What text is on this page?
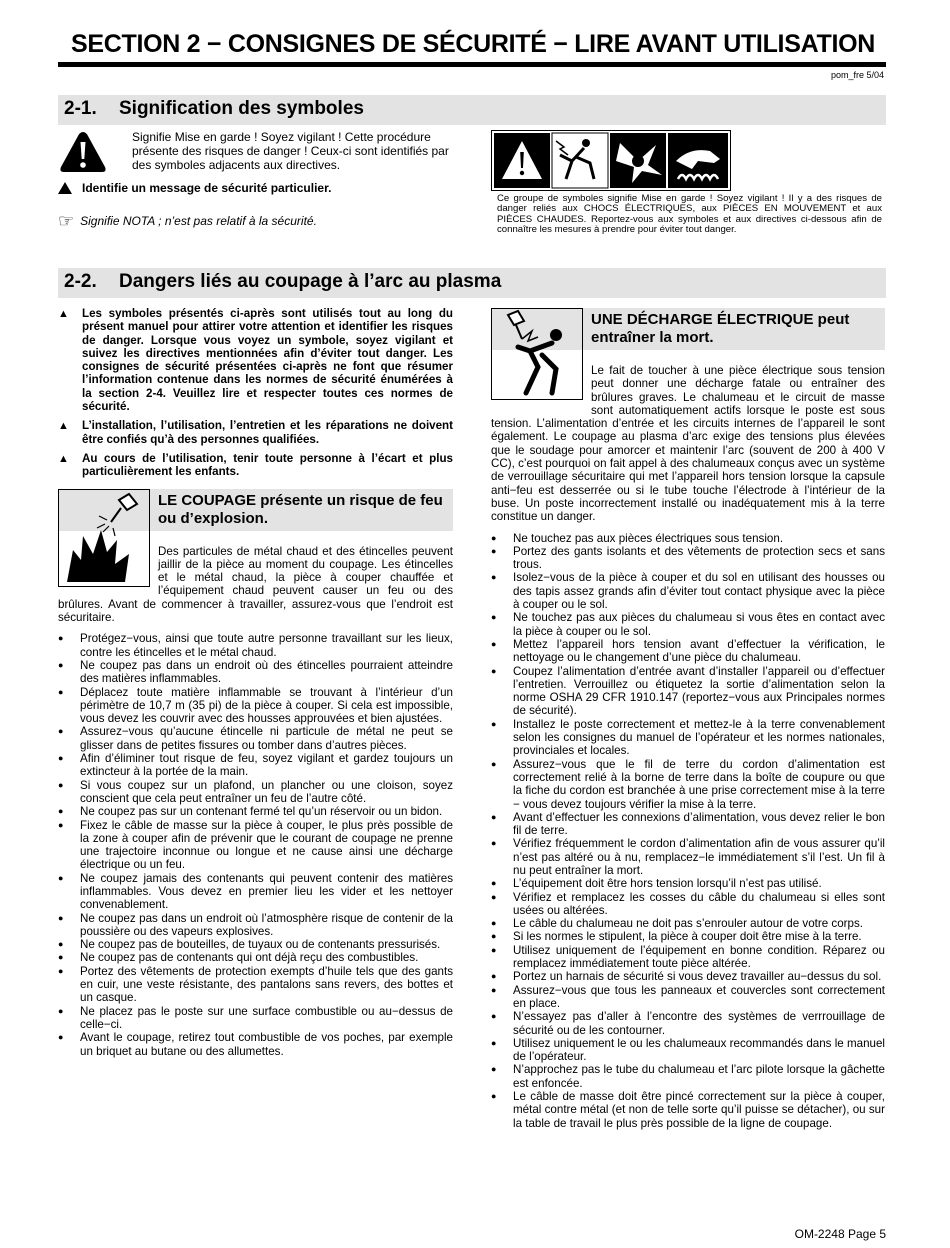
SECTION 2 − CONSIGNES DE SÉCURITÉ − LIRE AVANT UTILISATION
pom_fre 5/04
2-1. Signification des symboles
Signifie Mise en garde ! Soyez vigilant ! Cette procédure présente des risques de danger ! Ceux-ci sont identifiés par des symboles adjacents aux directives.
Identifie un message de sécurité particulier.
☞ Signifie NOTA ; n’est pas relatif à la sécurité.
Ce groupe de symboles signifie Mise en garde ! Soyez vigilant ! Il y a des risques de danger reliés aux CHOCS ÉLECTRIQUES, aux PIÈCES EN MOUVEMENT et aux PIÈCES CHAUDES. Reportez-vous aux symboles et aux directives ci-dessous afin de connaître les mesures à prendre pour éviter tout danger.
2-2. Dangers liés au coupage à l’arc au plasma
▲	Les symboles présentés ci-après sont utilisés tout au long du présent manuel pour attirer votre attention et identifier les risques de danger. Lorsque vous voyez un symbole, soyez vigilant et suivez les directives mentionnées afin d’éviter tout danger. Les consignes de sécurité présentées ci-après ne font que résumer l’information contenue dans les normes de sécurité énumérées à la section 2-4. Veuillez lire et respecter toutes ces normes de sécurité.
▲	L’installation, l’utilisation, l’entretien et les réparations ne doivent être confiés qu’à des personnes qualifiées.
▲	Au cours de l’utilisation, tenir toute personne à l’écart et plus particulièrement les enfants.
LE COUPAGE présente un risque de feu ou d’explosion.
Des particules de métal chaud et des étincelles peuvent jaillir de la pièce au moment du coupage. Les étincelles et le métal chaud, la pièce à couper chauffée et l’équipement chaud peuvent causer un feu ou des brûlures. Avant de commencer à travailler, assurez-vous que l’endroit est sécuritaire.
● Protégez−vous, ainsi que toute autre personne travaillant sur les lieux, contre les étincelles et le métal chaud.
● Ne coupez pas dans un endroit où des étincelles pourraient atteindre des matières inflammables.
● Déplacez toute matière inflammable se trouvant à l’intérieur d’un périmètre de 10,7 m (35 pi) de la pièce à couper. Si cela est impossible, vous devez les couvrir avec des housses approuvées et bien ajustées.
● Assurez−vous qu’aucune étincelle ni particule de métal ne peut se glisser dans de petites fissures ou tomber dans d’autres pièces.
● Afin d’éliminer tout risque de feu, soyez vigilant et gardez toujours un extincteur à la portée de la main.
● Si vous coupez sur un plafond, un plancher ou une cloison, soyez conscient que cela peut entraîner un feu de l’autre côté.
● Ne coupez pas sur un contenant fermé tel qu’un réservoir ou un bidon.
● Fixez le câble de masse sur la pièce à couper, le plus près possible de la zone à couper afin de prévenir que le courant de coupage ne prenne une trajectoire inconnue ou longue et ne cause ainsi une décharge électrique ou un feu.
● Ne coupez jamais des contenants qui peuvent contenir des matières inflammables. Vous devez en premier lieu les vider et les nettoyer convenablement.
● Ne coupez pas dans un endroit où l’atmosphère risque de contenir de la poussière ou des vapeurs explosives.
● Ne coupez pas de bouteilles, de tuyaux ou de contenants pressurisés.
● Ne coupez pas de contenants qui ont déjà reçu des combustibles.
● Portez des vêtements de protection exempts d’huile tels que des gants en cuir, une veste résistante, des pantalons sans revers, des bottes et un casque.
● Ne placez pas le poste sur une surface combustible ou au−dessus de celle−ci.
● Avant le coupage, retirez tout combustible de vos poches, par exemple un briquet au butane ou des allumettes.
UNE DÉCHARGE ÉLECTRIQUE peut entraîner la mort.
Le fait de toucher à une pièce électrique sous tension peut donner une décharge fatale ou entraîner des brûlures graves. Le chalumeau et le circuit de masse sont automatiquement actifs lorsque le poste est sous tension. L’alimentation d’entrée et les circuits internes de l’appareil le sont également. Le coupage au plasma d’arc exige des tensions plus élevées que le soudage pour amorcer et maintenir l’arc (souvent de 200 à 400 V CC), c’est pourquoi on fait appel à des chalumeaux conçus avec un système de verrouillage sécuritaire qui met l’appareil hors tension lorsque la capsule anti−feu est desserrée ou si le tube touche l’électrode à l’intérieur de la buse. Un poste incorrectement installé ou inadéquatement mis à la terre constitue un danger.
● Ne touchez pas aux pièces électriques sous tension.
● Portez des gants isolants et des vêtements de protection secs et sans trous.
● Isolez−vous de la pièce à couper et du sol en utilisant des housses ou des tapis assez grands afin d’éviter tout contact physique avec la pièce à couper ou le sol.
● Ne touchez pas aux pièces du chalumeau si vous êtes en contact avec la pièce à couper ou le sol.
● Mettez l’appareil hors tension avant d’effectuer la vérification, le nettoyage ou le changement d’une pièce du chalumeau.
● Coupez l’alimentation d’entrée avant d’installer l’appareil ou d’effectuer l’entretien. Verrouillez ou étiquetez la sortie d’alimentation selon la norme OSHA 29 CFR 1910.147 (reportez−vous aux Principales normes de sécurité).
● Installez le poste correctement et mettez-le à la terre convenablement selon les consignes du manuel de l’opérateur et les normes nationales, provinciales et locales.
● Assurez−vous que le fil de terre du cordon d’alimentation est correctement relié à la borne de terre dans la boîte de coupure ou que la fiche du cordon est branchée à une prise correctement mise à la terre − vous devez toujours vérifier la mise à la terre.
● Avant d’effectuer les connexions d’alimentation, vous devez relier le bon fil de terre.
● Vérifiez fréquemment le cordon d’alimentation afin de vous assurer qu’il n’est pas altéré ou à nu, remplacez−le immédiatement s’il l’est. Un fil à nu peut entraîner la mort.
● L’équipement doit être hors tension lorsqu’il n’est pas utilisé.
● Vérifiez et remplacez les cosses du câble du chalumeau si elles sont usées ou altérées.
● Le câble du chalumeau ne doit pas s’enrouler autour de votre corps.
● Si les normes le stipulent, la pièce à couper doit être mise à la terre.
● Utilisez uniquement de l’équipement en bonne condition. Réparez ou remplacez immédiatement toute pièce altérée.
● Portez un harnais de sécurité si vous devez travailler au−dessus du sol.
● Assurez−vous que tous les panneaux et couvercles sont correctement en place.
● N’essayez pas d’aller à l’encontre des systèmes de verrrouillage de sécurité ou de les contourner.
● Utilisez uniquement le ou les chalumeaux recommandés dans le manuel de l’opérateur.
● N’approchez pas le tube du chalumeau et l’arc pilote lorsque la gâchette est enfoncée.
● Le câble de masse doit être pincé correctement sur la pièce à couper, métal contre métal (et non de telle sorte qu’il puisse se détacher), ou sur la table de travail le plus près possible de la ligne de coupage.
OM-2248 Page 5
